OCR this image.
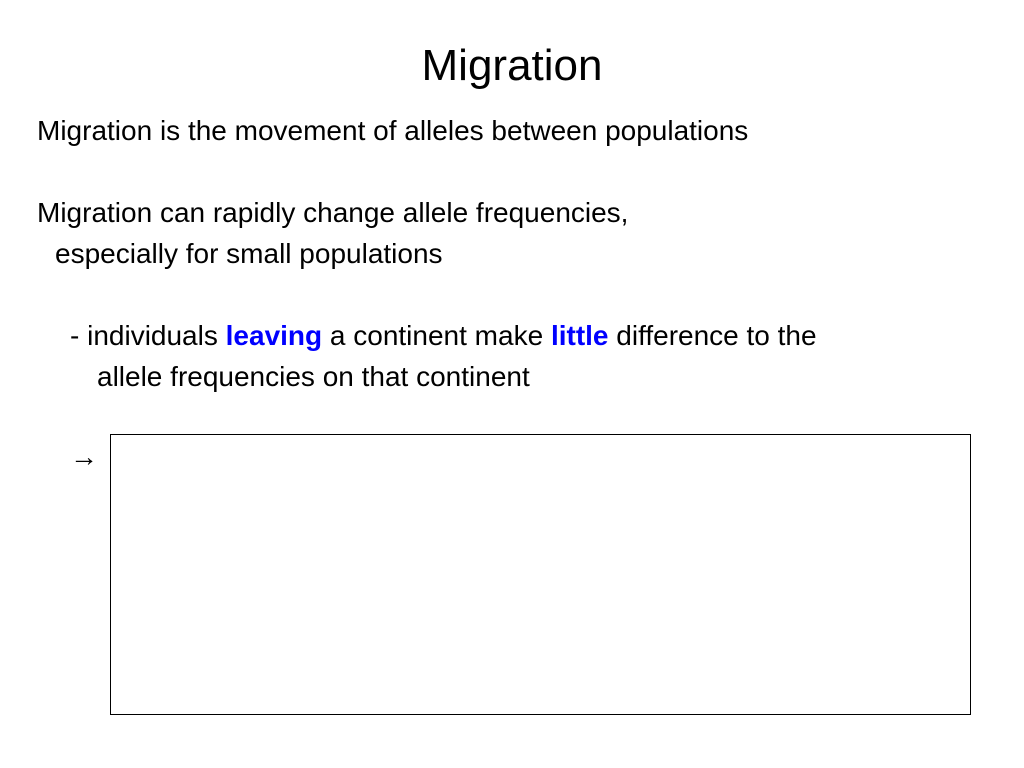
Migration

Migration is the movement of alleles between populations

Migration can rapidly change allele frequencies,

especially for small populations

- individuals leaving a continent make little difference to the

allele frequencies on that continent

→
